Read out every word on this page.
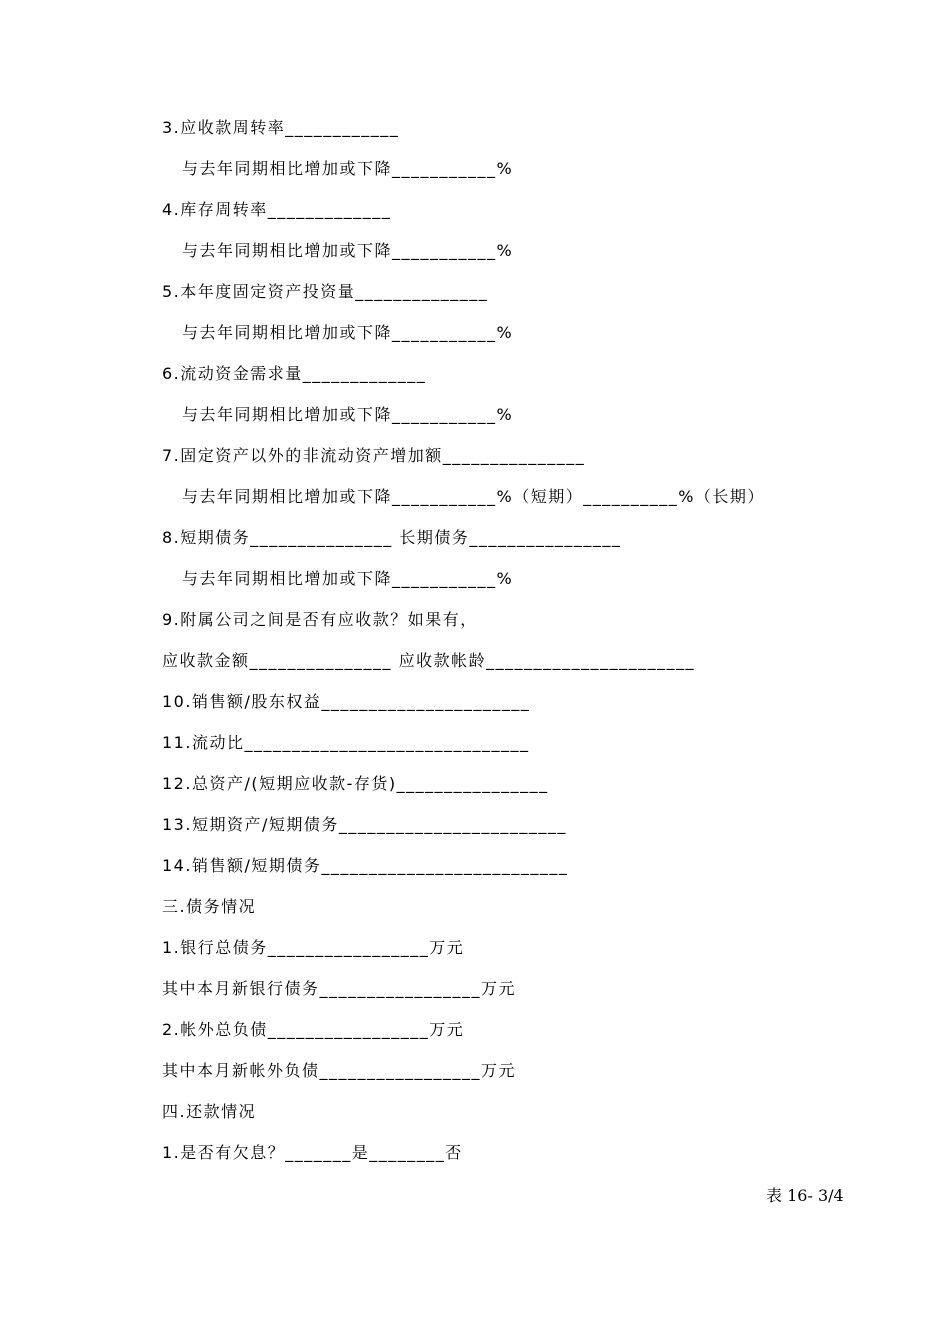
3.应收款周转率____________
与去年同期相比增加或下降___________%
4.库存周转率_____________
与去年同期相比增加或下降___________%
5.本年度固定资产投资量______________
与去年同期相比增加或下降___________%
6.流动资金需求量_____________
与去年同期相比增加或下降___________%
7.固定资产以外的非流动资产增加额_______________
与去年同期相比增加或下降___________%（短期）__________%（长期）
8.短期债务_______________ 长期债务________________
与去年同期相比增加或下降___________%
9.附属公司之间是否有应收款？如果有，
应收款金额_______________ 应收款帐龄______________________
10.销售额/股东权益______________________
11.流动比______________________________
12.总资产/(短期应收款-存货)________________
13.短期资产/短期债务________________________
14.销售额/短期债务__________________________
三.债务情况
1.银行总债务_________________万元
其中本月新银行债务_________________万元
2.帐外总负债_________________万元
其中本月新帐外负债_________________万元
四.还款情况
1.是否有欠息？_______是________否
表 16- 3/4
